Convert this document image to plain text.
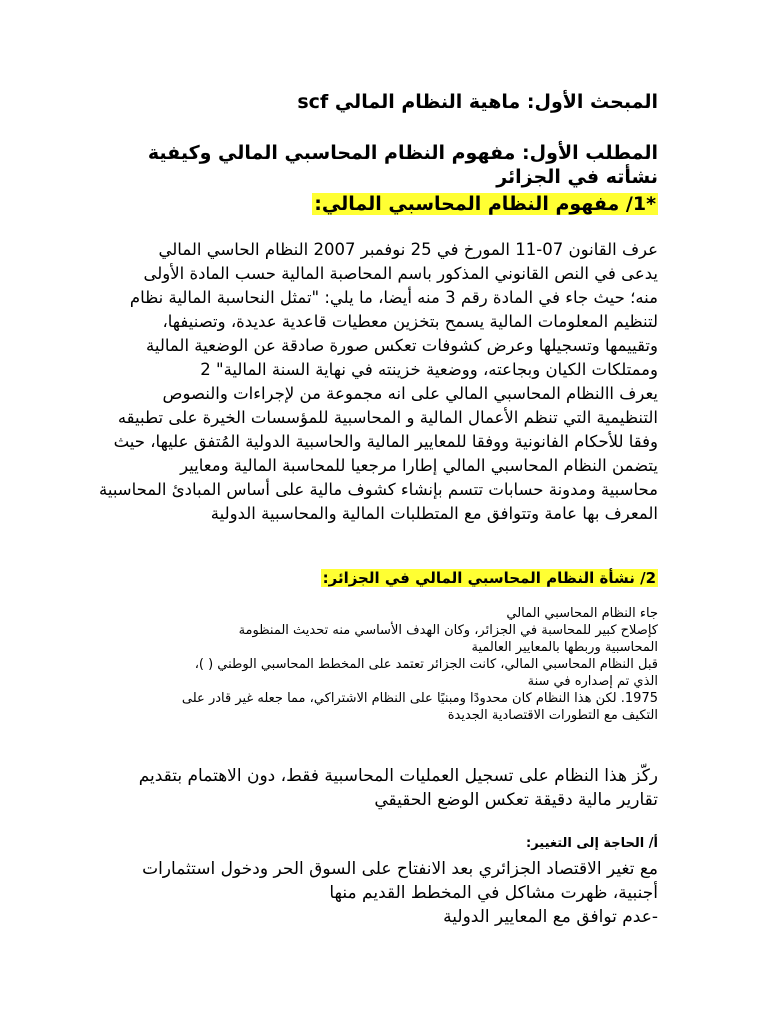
المبحث الأول: ماهية النظام المالي scf

المطلب الأول: مفهوم النظام المحاسبي المالي وكيفية نشأته في الجزائر

*1/ مفهوم النظام المحاسبي المالي:

عرف القانون 07-11 المورخ في 25 نوفمبر 2007 النظام الحاسي المالي
يدعى في النص القانوني المذكور باسم المحاصبة المالية حسب المادة الأولى
منه؛ حيث جاء في المادة رقم 3 منه أيضا، ما يلي: "تمثل النحاسبة المالية نظام
لتنظيم المعلومات المالية يسمح بتخزين معطيات قاعدية عديدة، وتصنيفها،
وتقييمها وتسجيلها وعرض كشوفات تعكس صورة صادقة عن الوضعية المالية
وممتلكات الكيان وبجاعته، ووضعية خزينته في نهاية السنة المالية" 2
يعرف االنظام المحاسبي المالي على انه مجموعة من لإجراءات والنصوص
التنظيمية التي تنظم الأعمال المالية و المحاسبية للمؤسسات الخيرة على تطبيقه
وفقا للأحكام الفانونية ووفقا للمعايير المالية والحاسبية الدولية المُتفق عليها، حيث
يتضمن النظام المحاسبي المالي إطارا مرجعيا للمحاسبة المالية ومعايير
محاسبية ومدونة حسابات تتسم بإنشاء كشوف مالية على أساس المبادئ المحاسبية
المعرف بها عامة وتتوافق مع المتطلبات المالية والمحاسبية الدولية

2/ نشأة النظام المحاسبي المالي في الجزائر:

جاء النظام المحاسبي المالي
كإصلاح كبير للمحاسبة في الجزائر، وكان الهدف الأساسي منه تحديث المنظومة
المحاسبية وربطها بالمعايير العالمية
قبل النظام المحاسبي المالي، كانت الجزائر تعتمد على المخطط المحاسبي الوطني ( )،
الذي تم إصداره في سنة
1975. لكن هذا النظام كان محدودًا ومبنيًا على النظام الاشتراكي، مما جعله غير قادر على
التكيف مع التطورات الاقتصادية الجديدة
ركّز هذا النظام على تسجيل العمليات المحاسبية فقط، دون الاهتمام بتقديم
تقارير مالية دقيقة تعكس الوضع الحقيقي

أ/ الحاجة إلى التغيير:

مع تغير الاقتصاد الجزائري بعد الانفتاح على السوق الحر ودخول استثمارات
أجنبية، ظهرت مشاكل في المخطط القديم منها
-عدم توافق مع المعايير الدولية
